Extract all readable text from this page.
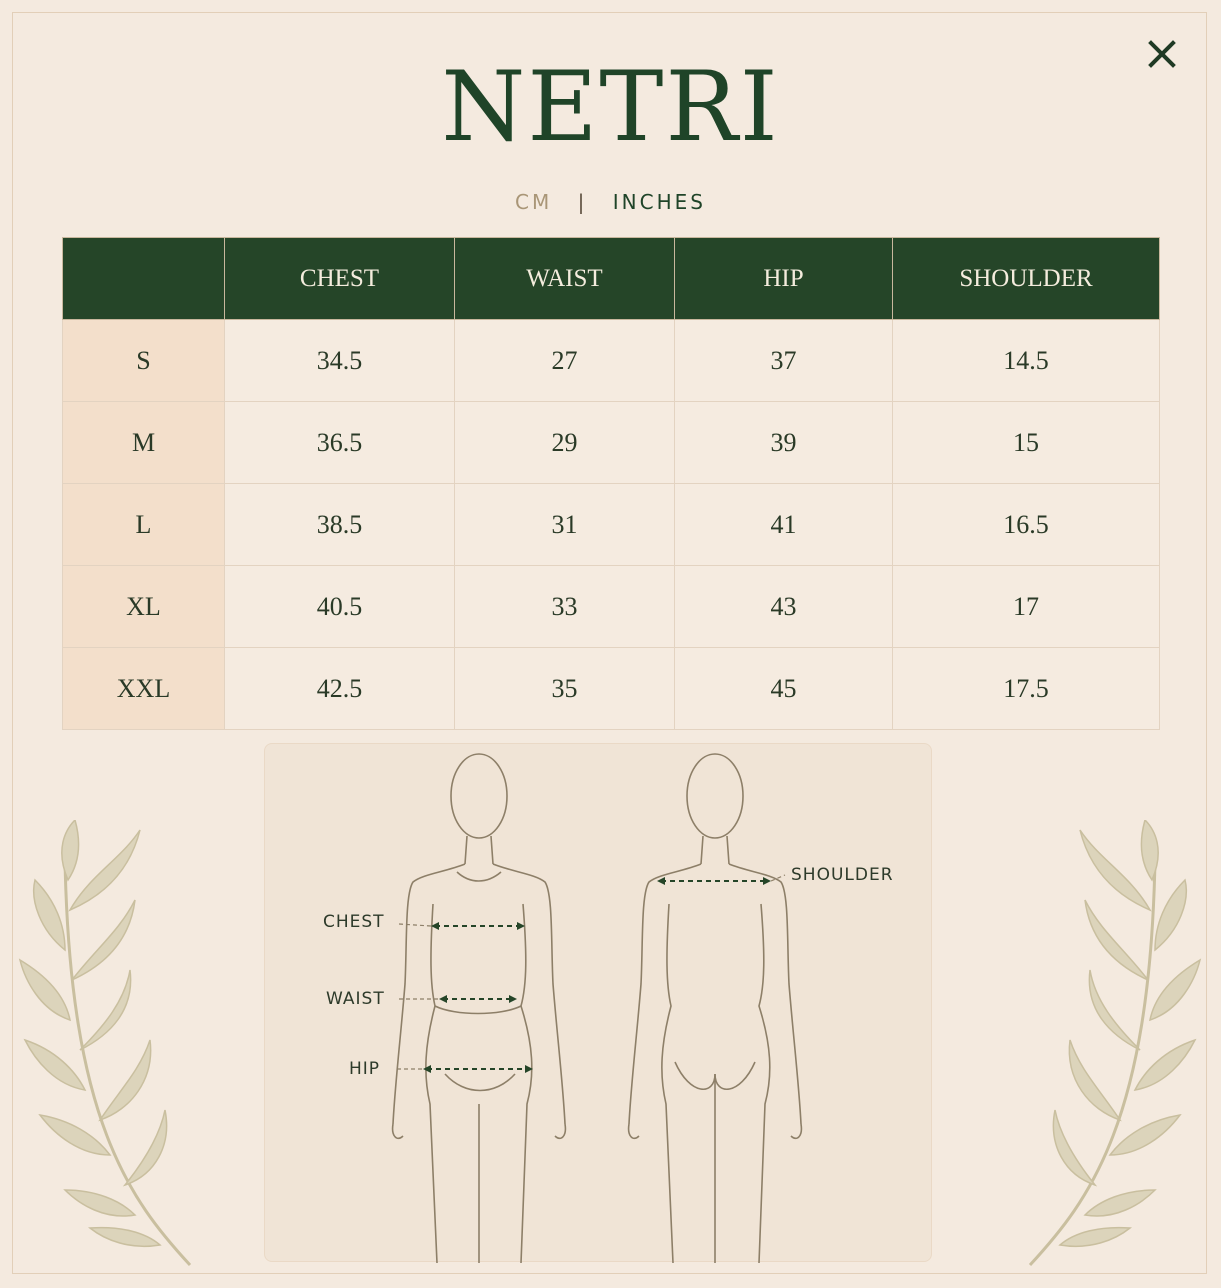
NETRI
CM | INCHES
	CHEST	WAIST	HIP	SHOULDER
S	34.5	27	37	14.5
M	36.5	29	39	15
L	38.5	31	41	16.5
XL	40.5	33	43	17
XXL	42.5	35	45	17.5
CHEST
WAIST
HIP
SHOULDER
